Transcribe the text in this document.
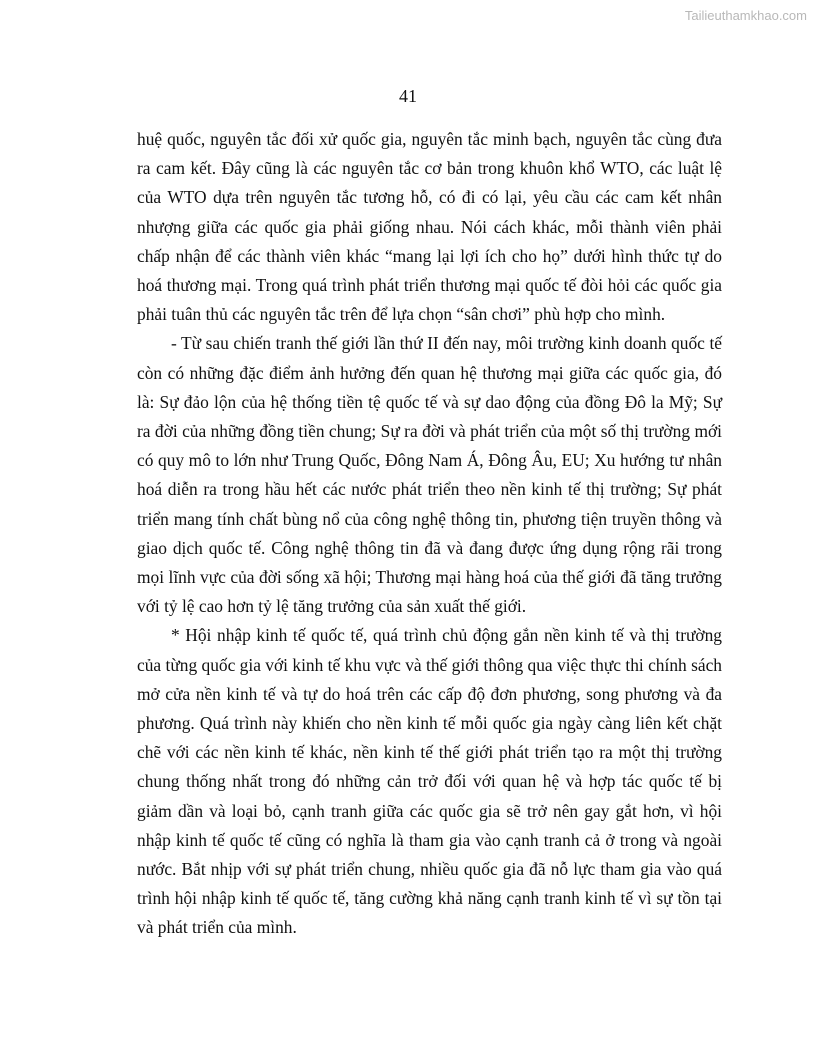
Tailieuthamkhao.com
41

huệ quốc, nguyên tắc đối xử quốc gia, nguyên tắc minh bạch, nguyên tắc cùng đưa ra cam kết. Đây cũng là các nguyên tắc cơ bản trong khuôn khổ WTO, các luật lệ của WTO dựa trên nguyên tắc tương hỗ, có đi có lại, yêu cầu các cam kết nhân nhượng giữa các quốc gia phải giống nhau. Nói cách khác, mỗi thành viên phải chấp nhận để các thành viên khác “mang lại lợi ích cho họ” dưới hình thức tự do hoá thương mại. Trong quá trình phát triển thương mại quốc tế đòi hỏi các quốc gia phải tuân thủ các nguyên tắc trên để lựa chọn “sân chơi” phù hợp cho mình.

- Từ sau chiến tranh thế giới lần thứ II đến nay, môi trường kinh doanh quốc tế còn có những đặc điểm ảnh hưởng đến quan hệ thương mại giữa các quốc gia, đó là: Sự đảo lộn của hệ thống tiền tệ quốc tế và sự dao động của đồng Đô la Mỹ; Sự ra đời của những đồng tiền chung; Sự ra đời và phát triển của một số thị trường mới có quy mô to lớn như Trung Quốc, Đông Nam Á, Đông Âu, EU; Xu hướng tư nhân hoá diễn ra trong hầu hết các nước phát triển theo nền kinh tế thị trường; Sự phát triển mang tính chất bùng nổ của công nghệ thông tin, phương tiện truyền thông và giao dịch quốc tế. Công nghệ thông tin đã và đang được ứng dụng rộng rãi trong mọi lĩnh vực của đời sống xã hội; Thương mại hàng hoá của thế giới đã tăng trưởng với tỷ lệ cao hơn tỷ lệ tăng trưởng của sản xuất thế giới.

* Hội nhập kinh tế quốc tế, quá trình chủ động gắn nền kinh tế và thị trường của từng quốc gia với kinh tế khu vực và thế giới thông qua việc thực thi chính sách mở cửa nền kinh tế và tự do hoá trên các cấp độ đơn phương, song phương và đa phương. Quá trình này khiến cho nền kinh tế mỗi quốc gia ngày càng liên kết chặt chẽ với các nền kinh tế khác, nền kinh tế thế giới phát triển tạo ra một thị trường chung thống nhất trong đó những cản trở đối với quan hệ và hợp tác quốc tế bị giảm dần và loại bỏ, cạnh tranh giữa các quốc gia sẽ trở nên gay gắt hơn, vì hội nhập kinh tế quốc tế cũng có nghĩa là tham gia vào cạnh tranh cả ở trong và ngoài nước. Bắt nhịp với sự phát triển chung, nhiều quốc gia đã nỗ lực tham gia vào quá trình hội nhập kinh tế quốc tế, tăng cường khả năng cạnh tranh kinh tế vì sự tồn tại và phát triển của mình.
